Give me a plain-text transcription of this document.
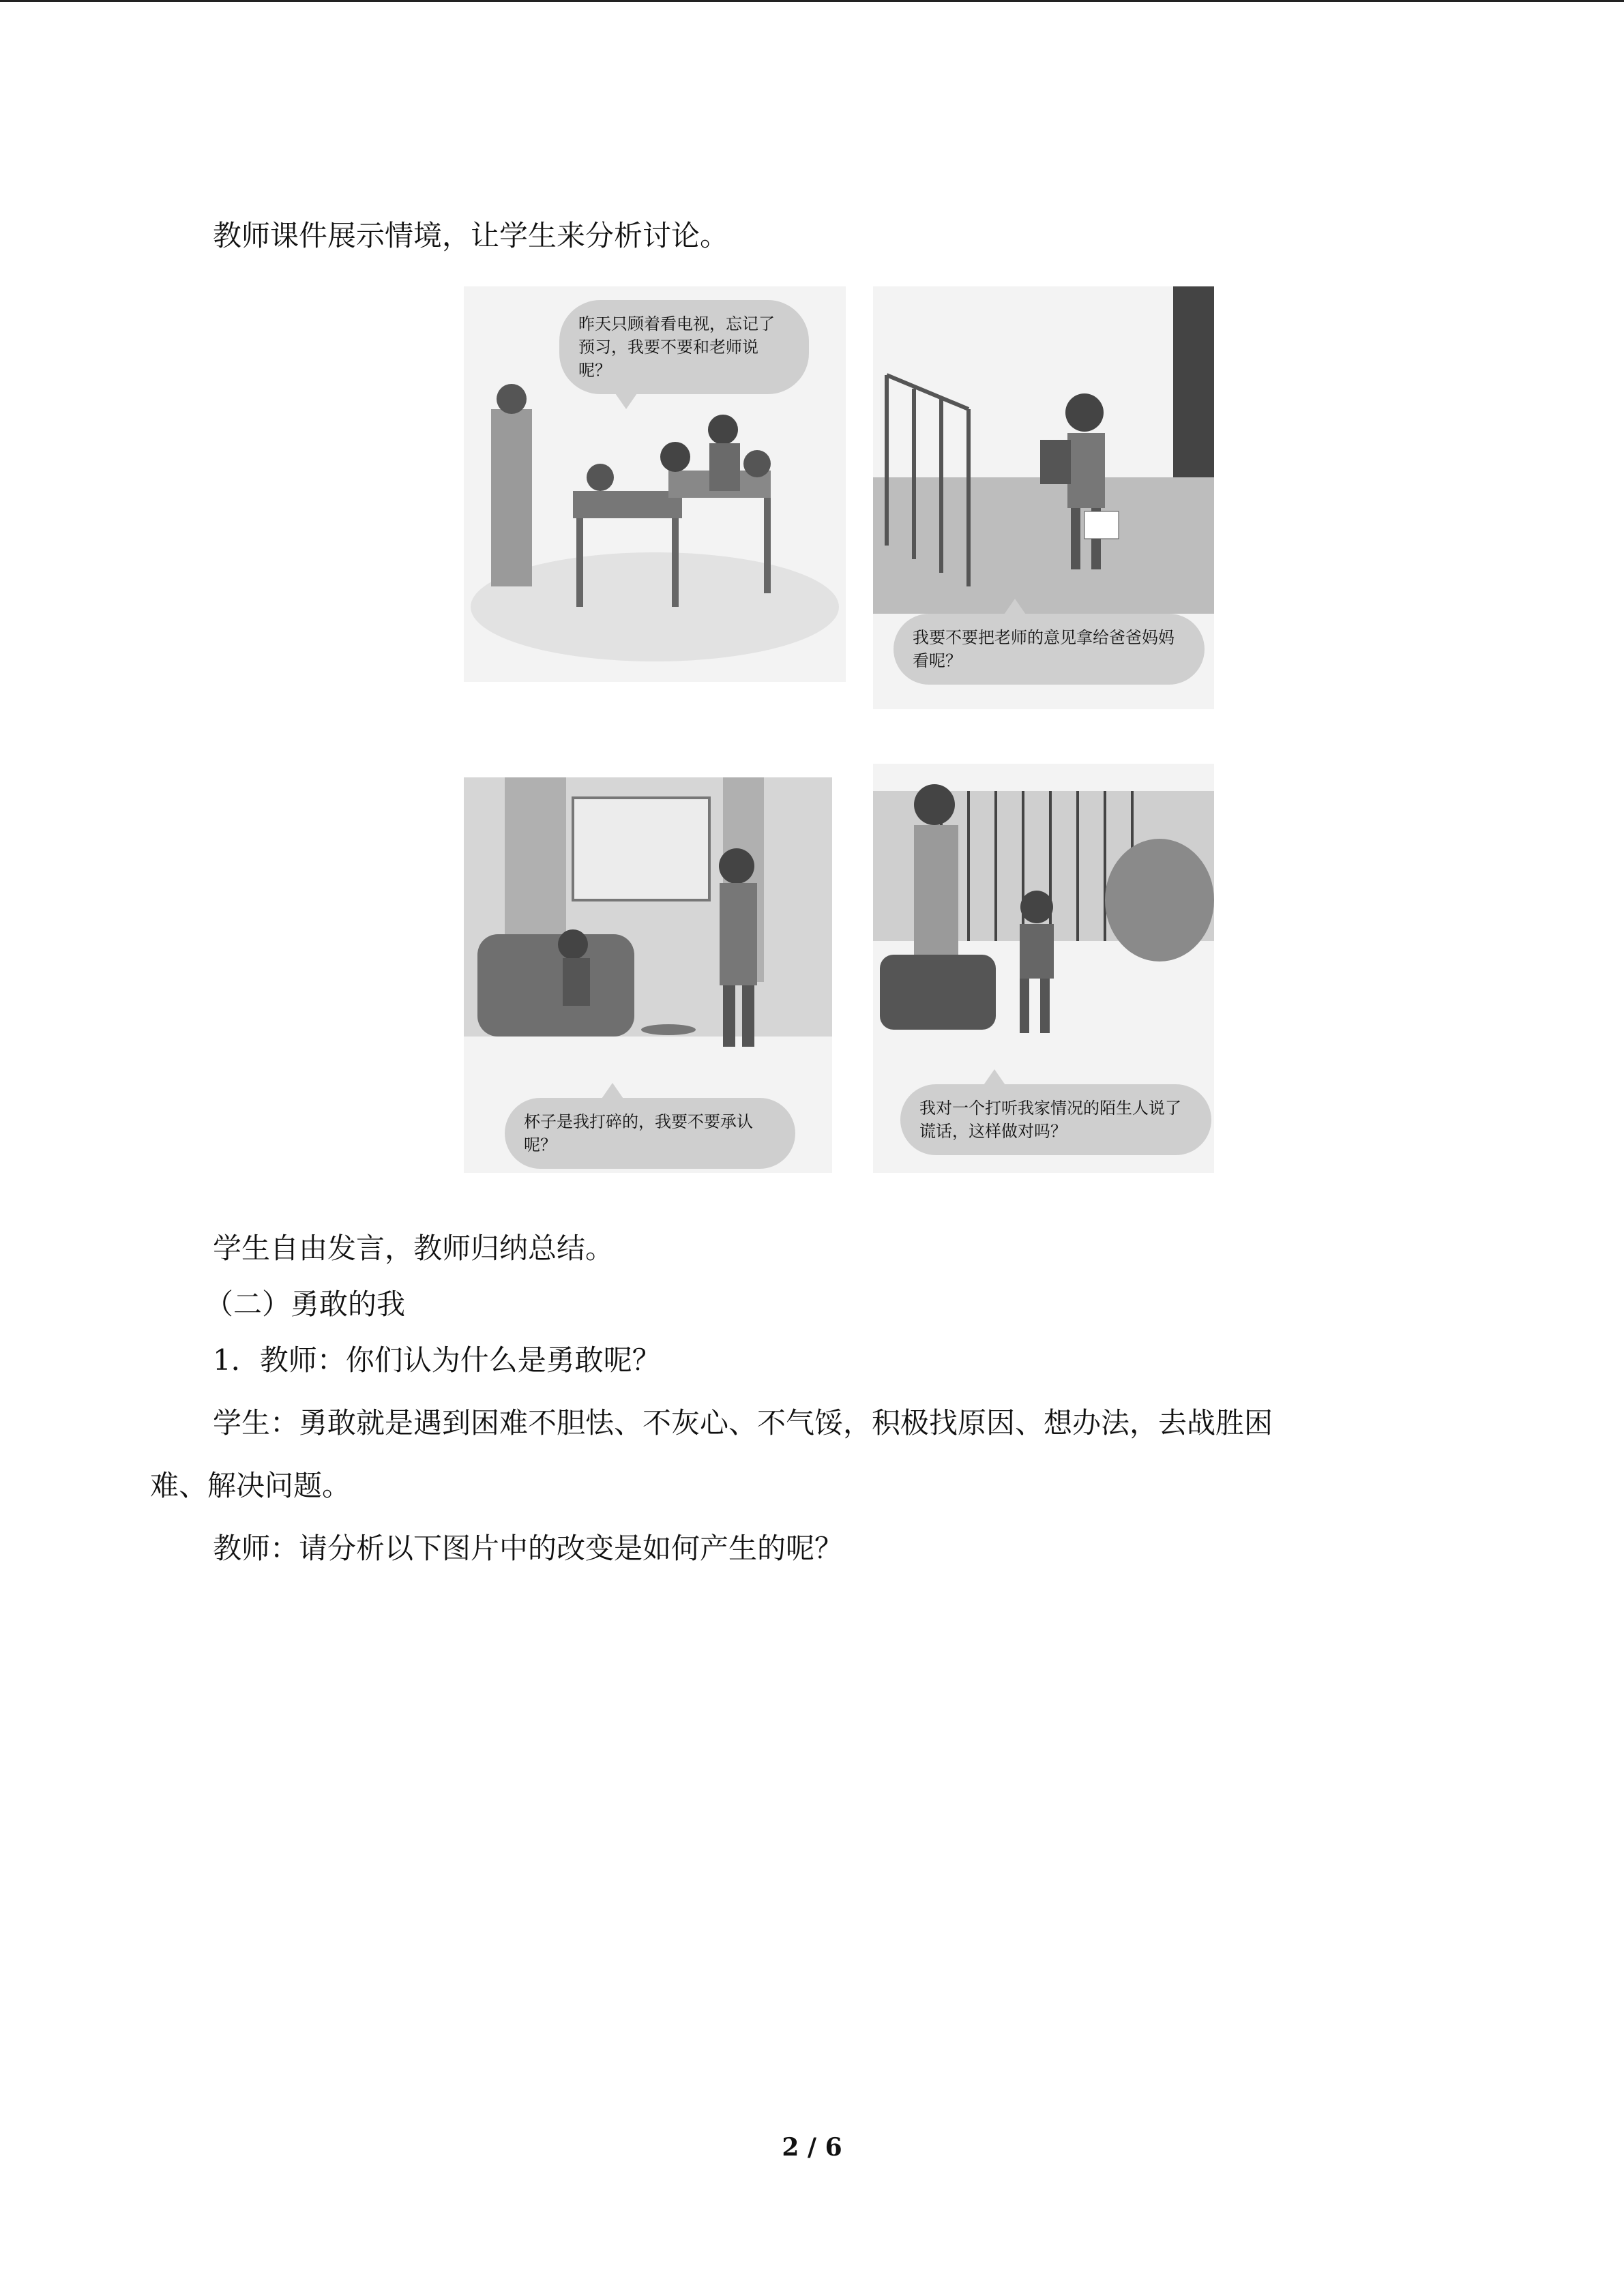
教师课件展示情境，让学生来分析讨论。
昨天只顾着看电视，忘记了预习，我要不要和老师说呢？
我要不要把老师的意见拿给爸爸妈妈看呢？
杯子是我打碎的，我要不要承认呢？
我对一个打听我家情况的陌生人说了谎话，这样做对吗？
学生自由发言，教师归纳总结。
（二）勇敢的我
1．教师：你们认为什么是勇敢呢？
学生：勇敢就是遇到困难不胆怯、不灰心、不气馁，积极找原因、想办法，去战胜困
难、解决问题。
教师：请分析以下图片中的改变是如何产生的呢？
2 / 6
